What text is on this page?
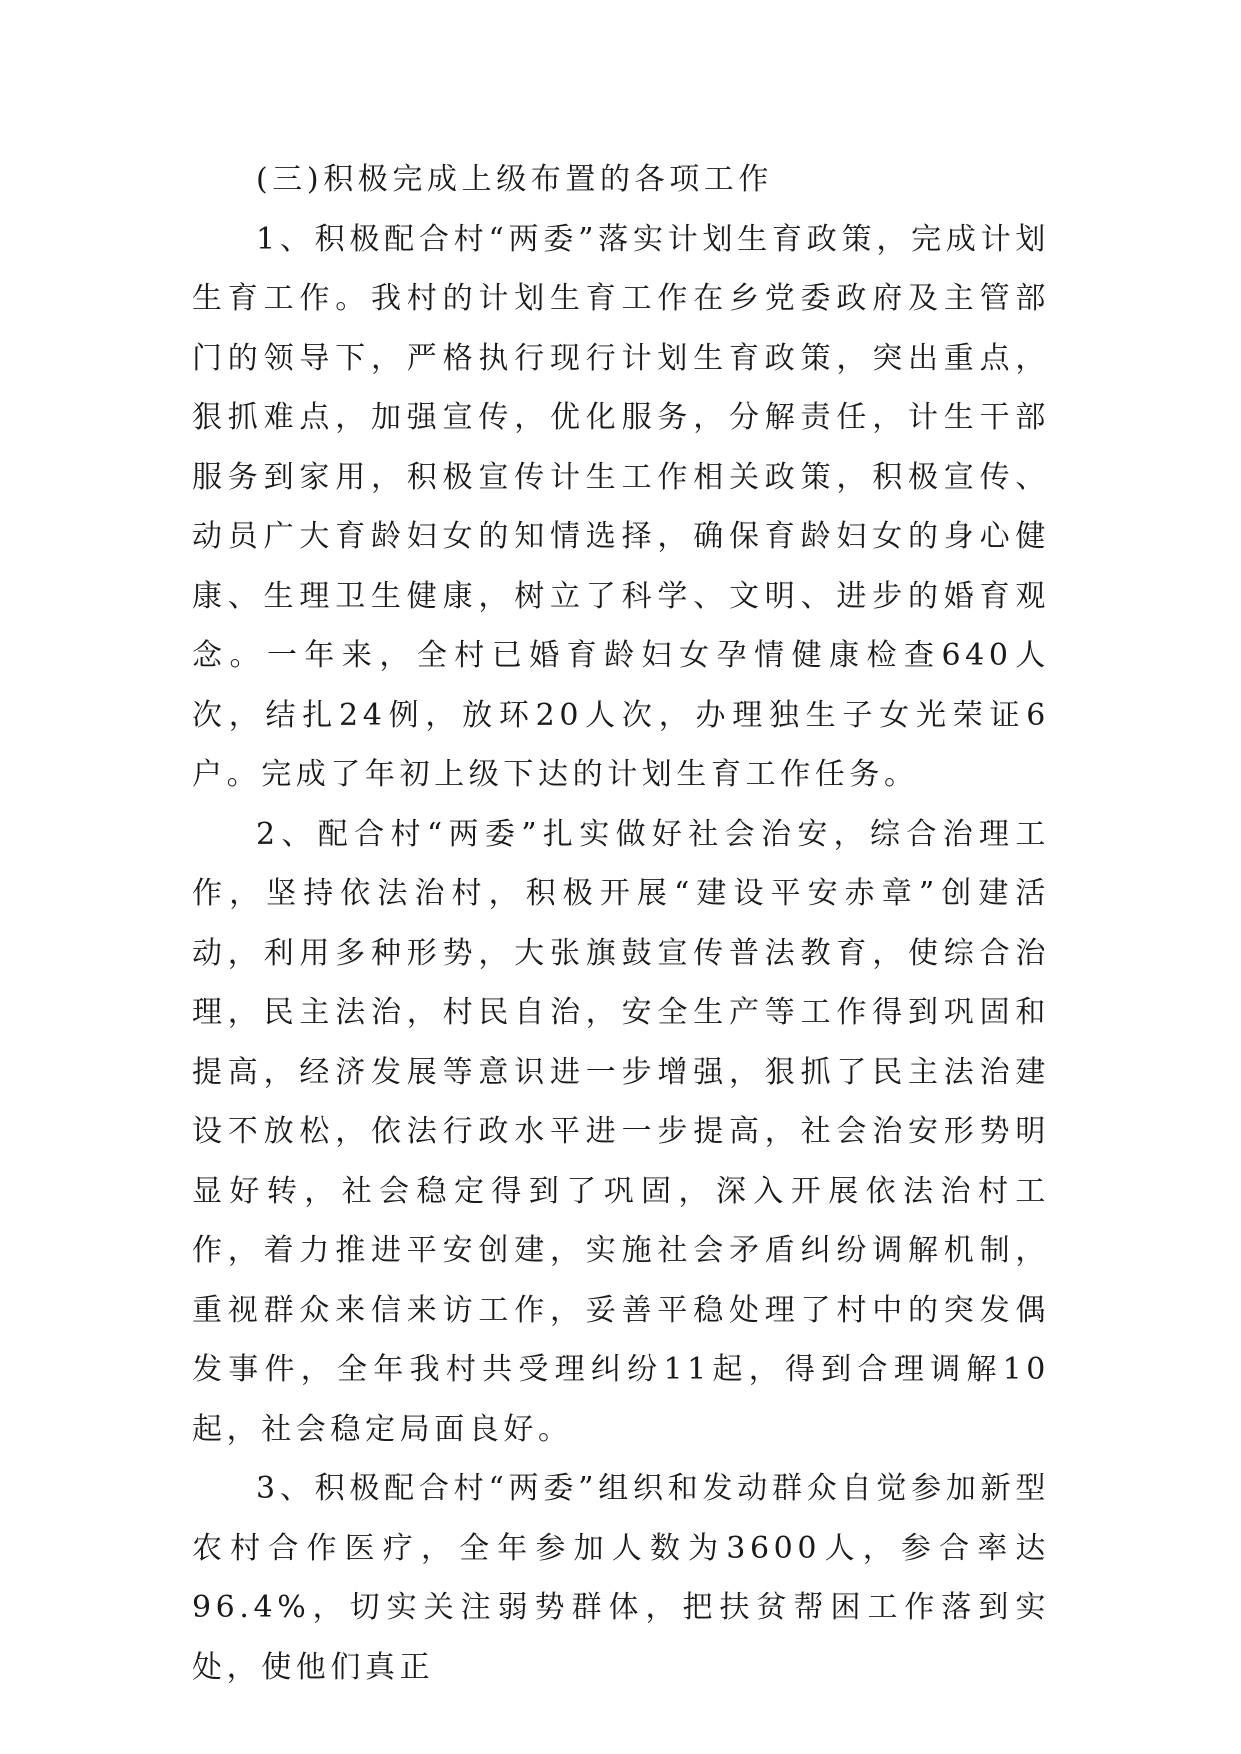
(三)积极完成上级布置的各项工作

1、积极配合村“两委”落实计划生育政策，完成计划生育工作。我村的计划生育工作在乡党委政府及主管部门的领导下，严格执行现行计划生育政策，突出重点，狠抓难点，加强宣传，优化服务，分解责任，计生干部服务到家用，积极宣传计生工作相关政策，积极宣传、动员广大育龄妇女的知情选择，确保育龄妇女的身心健康、生理卫生健康，树立了科学、文明、进步的婚育观念。一年来，全村已婚育龄妇女孕情健康检查640人次，结扎24例，放环20人次，办理独生子女光荣证6户。完成了年初上级下达的计划生育工作任务。

2、配合村“两委”扎实做好社会治安，综合治理工作，坚持依法治村，积极开展“建设平安赤章”创建活动，利用多种形势，大张旗鼓宣传普法教育，使综合治理，民主法治，村民自治，安全生产等工作得到巩固和提高，经济发展等意识进一步增强，狠抓了民主法治建设不放松，依法行政水平进一步提高，社会治安形势明显好转，社会稳定得到了巩固，深入开展依法治村工作，着力推进平安创建，实施社会矛盾纠纷调解机制，重视群众来信来访工作，妥善平稳处理了村中的突发偶发事件，全年我村共受理纠纷11起，得到合理调解10起，社会稳定局面良好。

3、积极配合村“两委”组织和发动群众自觉参加新型农村合作医疗，全年参加人数为3600人，参合率达96.4%，切实关注弱势群体，把扶贫帮困工作落到实处，使他们真正
